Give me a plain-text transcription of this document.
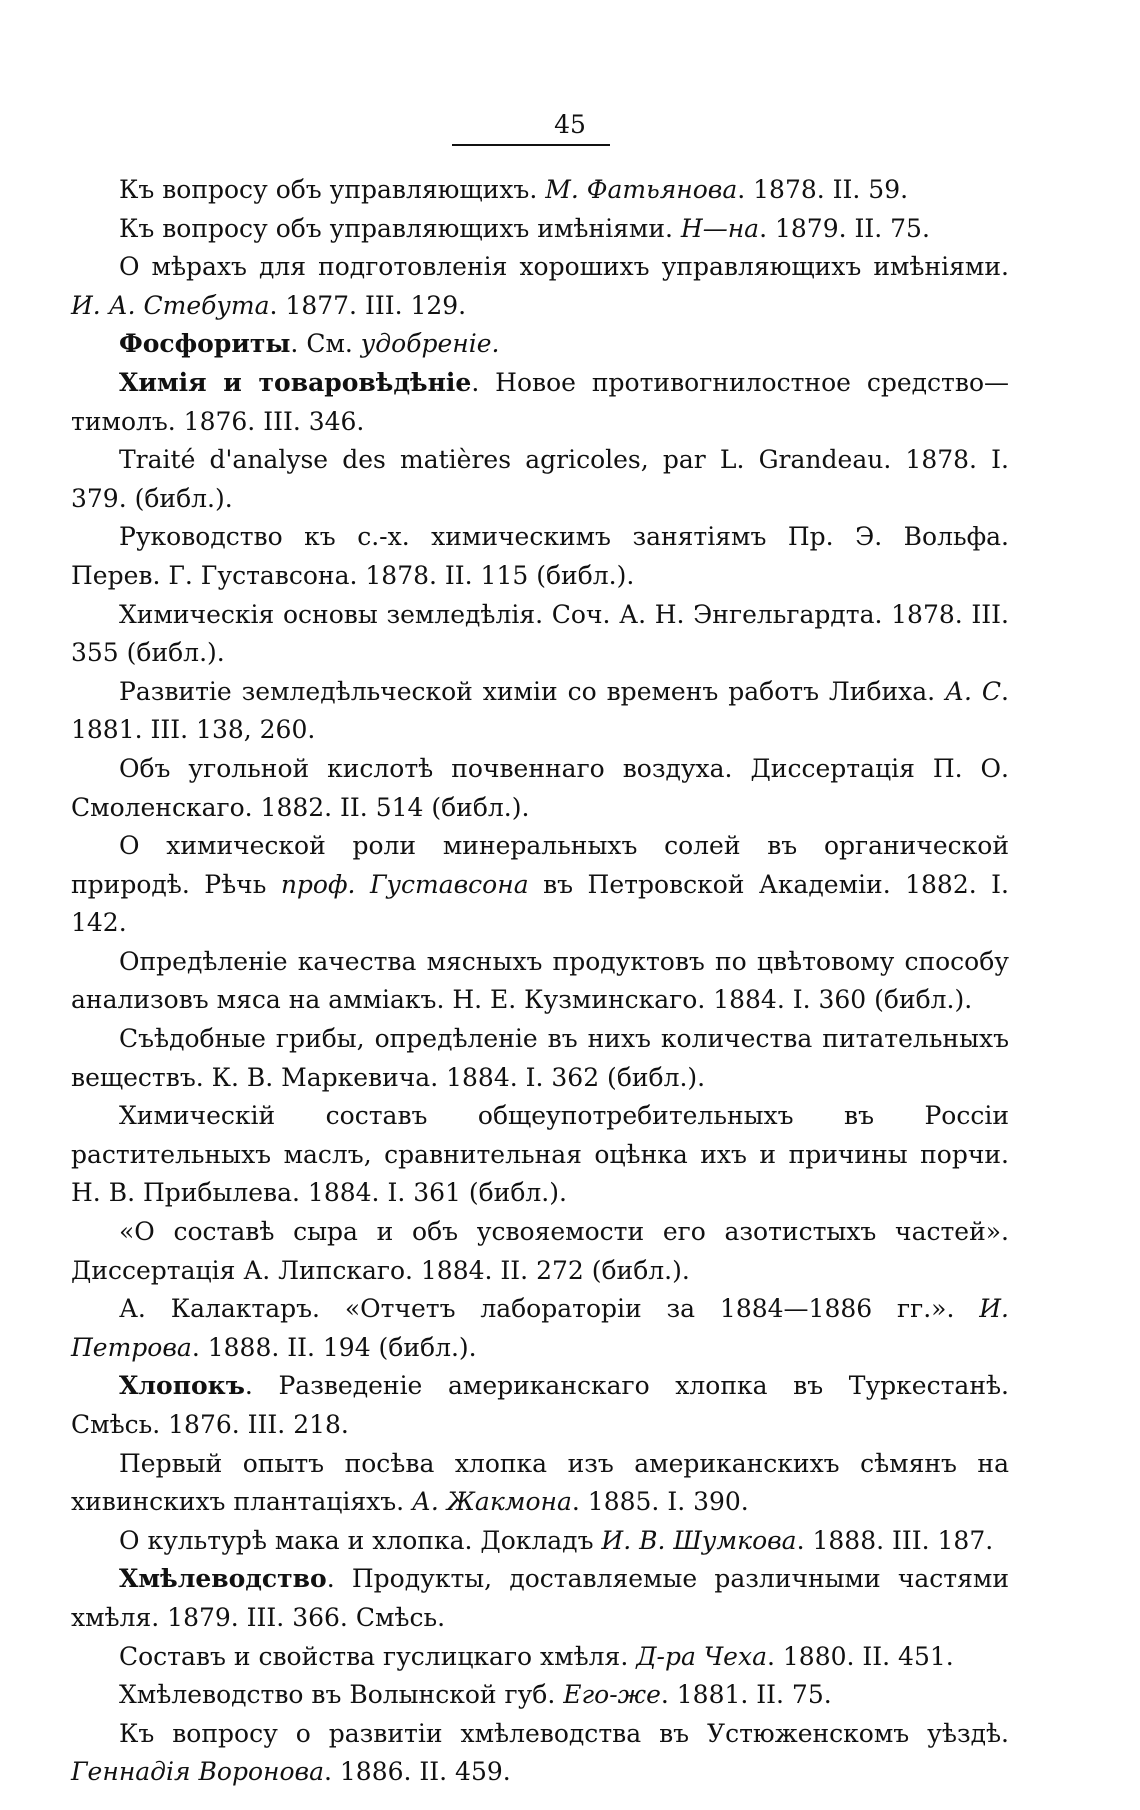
45

Къ вопросу объ управляющихъ. М. Фатьянова. 1878. II. 59.

Къ вопросу объ управляющихъ имѣніями. Н—на. 1879. II. 75.

О мѣрахъ для подготовленія хорошихъ управляющихъ имѣніями. И. А. Стебута. 1877. III. 129.

Фосфориты. См. удобреніе.

Химія и товаровѣдѣніе. Новое противогнилостное средство—тимолъ. 1876. III. 346.

Traité d'analyse des matières agricoles, par L. Grandeau. 1878. I. 379. (библ.).

Руководство къ с.-х. химическимъ занятіямъ Пр. Э. Вольфа. Перев. Г. Густавсона. 1878. II. 115 (библ.).

Химическія основы земледѣлія. Соч. А. Н. Энгельгардта. 1878. III. 355 (библ.).

Развитіе земледѣльческой химіи со временъ работъ Либиха. А. С. 1881. III. 138, 260.

Объ угольной кислотѣ почвеннаго воздуха. Диссертація П. О. Смоленскаго. 1882. II. 514 (библ.).

О химической роли минеральныхъ солей въ органической природѣ. Рѣчь проф. Густавсона въ Петровской Академіи. 1882. I. 142.

Опредѣленіе качества мясныхъ продуктовъ по цвѣтовому способу анализовъ мяса на амміакъ. Н. Е. Кузминскаго. 1884. I. 360 (библ.).

Съѣдобные грибы, опредѣленіе въ нихъ количества питательныхъ веществъ. К. В. Маркевича. 1884. I. 362 (библ.).

Химическій составъ общеупотребительныхъ въ Россіи растительныхъ маслъ, сравнительная оцѣнка ихъ и причины порчи. Н. В. Прибылева. 1884. I. 361 (библ.).

«О составѣ сыра и объ усвояемости его азотистыхъ частей». Диссертація А. Липскаго. 1884. II. 272 (библ.).

А. Калактаръ. «Отчетъ лабораторіи за 1884—1886 гг.». И. Петрова. 1888. II. 194 (библ.).

Хлопокъ. Разведеніе американскаго хлопка въ Туркестанѣ. Смѣсь. 1876. III. 218.

Первый опытъ посѣва хлопка изъ американскихъ сѣмянъ на хивинскихъ плантаціяхъ. А. Жакмона. 1885. I. 390.

О культурѣ мака и хлопка. Докладъ И. В. Шумкова. 1888. III. 187.

Хмѣлеводство. Продукты, доставляемые различными частями хмѣля. 1879. III. 366. Смѣсь.

Составъ и свойства гуслицкаго хмѣля. Д-ра Чеха. 1880. II. 451.

Хмѣлеводство въ Волынской губ. Его-же. 1881. II. 75.

Къ вопросу о развитіи хмѣлеводства въ Устюженскомъ уѣздѣ. Геннадія Воронова. 1886. II. 459.
